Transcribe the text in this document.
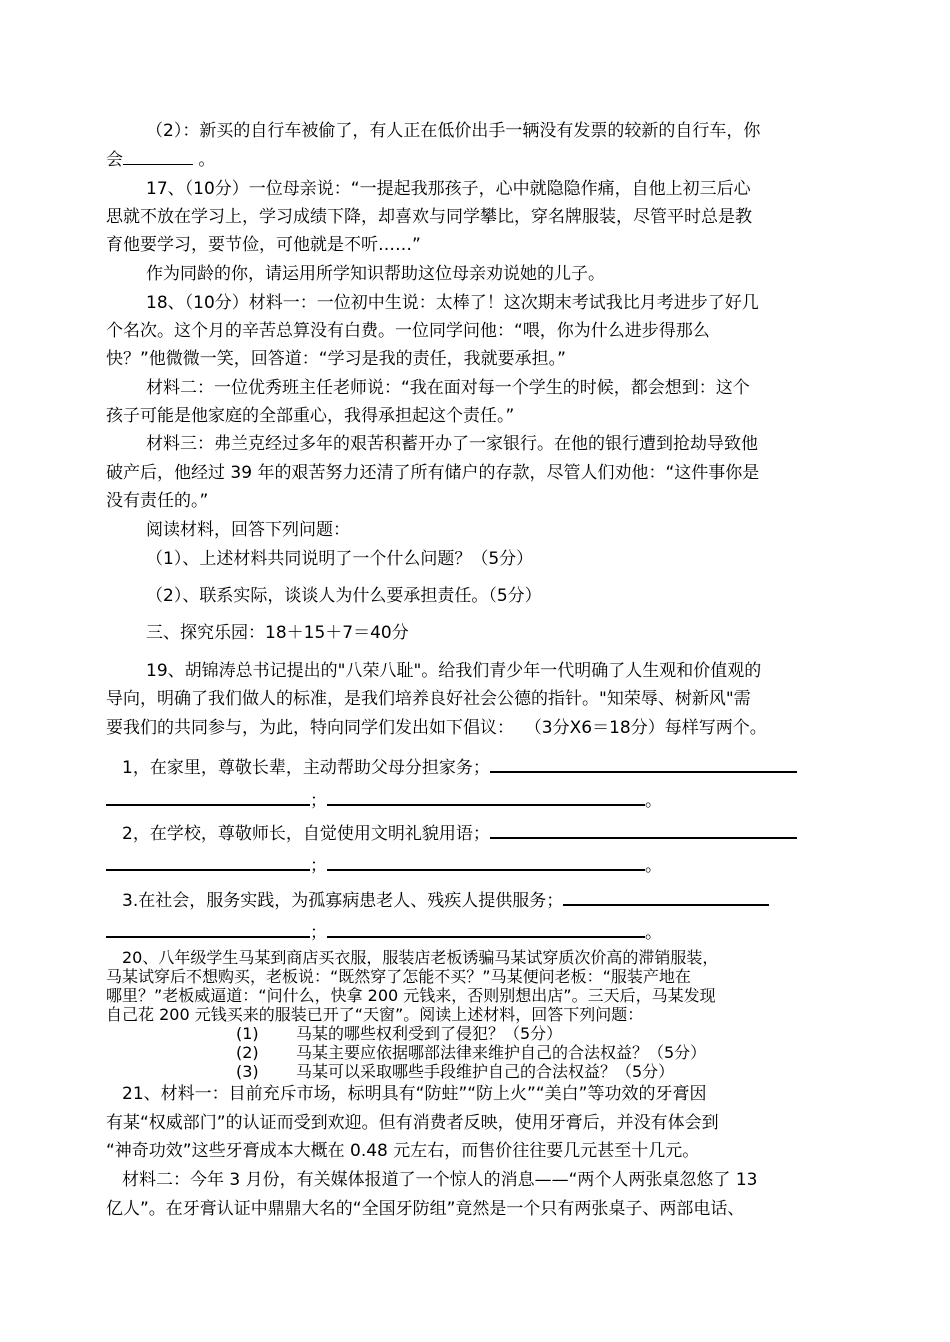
（2）：新买的自行车被偷了，有人正在低价出手一辆没有发票的较新的自行车，你
会	。
17、（10分）一位母亲说：“一提起我那孩子，心中就隐隐作痛，自他上初三后心
思就不放在学习上，学习成绩下降，却喜欢与同学攀比，穿名牌服装，尽管平时总是教
育他要学习，要节俭，可他就是不听……”
作为同龄的你，请运用所学知识帮助这位母亲劝说她的儿子。
18、（10分）材料一：一位初中生说：太棒了！这次期末考试我比月考进步了好几
个名次。这个月的辛苦总算没有白费。一位同学问他：“喂，你为什么进步得那么
快？”他微微一笑，回答道：“学习是我的责任，我就要承担。”
材料二：一位优秀班主任老师说：“我在面对每一个学生的时候，都会想到：这个
孩子可能是他家庭的全部重心，我得承担起这个责任。”
材料三：弗兰克经过多年的艰苦积蓄开办了一家银行。在他的银行遭到抢劫导致他
破产后，他经过 39 年的艰苦努力还清了所有储户的存款，尽管人们劝他：“这件事你是
没有责任的。”
阅读材料，回答下列问题：
（1）、上述材料共同说明了一个什么问题？（5分）
（2）、联系实际，谈谈人为什么要承担责任。（5分）
三、探究乐园：18＋15＋7＝40分
19、胡锦涛总书记提出的"八荣八耻"。给我们青少年一代明确了人生观和价值观的
导向，明确了我们做人的标准，是我们培养良好社会公德的指针。"知荣辱、树新风"需
要我们的共同参与，为此，特向同学们发出如下倡议：  （3分X6＝18分）每样写两个。
1，在家里，尊敬长辈，主动帮助父母分担家务；
；	。
2，在学校，尊敬师长，自觉使用文明礼貌用语；
；	。
3.在社会，服务实践，为孤寡病患老人、残疾人提供服务；
；	。
20、八年级学生马某到商店买衣服，服装店老板诱骗马某试穿质次价高的滞销服装，
马某试穿后不想购买，老板说：“既然穿了怎能不买？”马某便问老板：“服装产地在
哪里？”老板威逼道：“问什么，快拿 200 元钱来，否则别想出店”。三天后，马某发现
自己花 200 元钱买来的服装已开了“天窗”。阅读上述材料，回答下列问题：
(1) 马某的哪些权利受到了侵犯？（5分）
(2) 马某主要应依据哪部法律来维护自己的合法权益？（5分）
(3) 马某可以采取哪些手段维护自己的合法权益？（5分）
21、材料一：目前充斥市场，标明具有“防蛀”“防上火”“美白”等功效的牙膏因
有某“权威部门”的认证而受到欢迎。但有消费者反映，使用牙膏后，并没有体会到
“神奇功效”这些牙膏成本大概在 0.48 元左右，而售价往往要几元甚至十几元。
材料二：今年 3 月份，有关媒体报道了一个惊人的消息——“两个人两张桌忽悠了 13
亿人”。在牙膏认证中鼎鼎大名的“全国牙防组”竟然是一个只有两张桌子、两部电话、
